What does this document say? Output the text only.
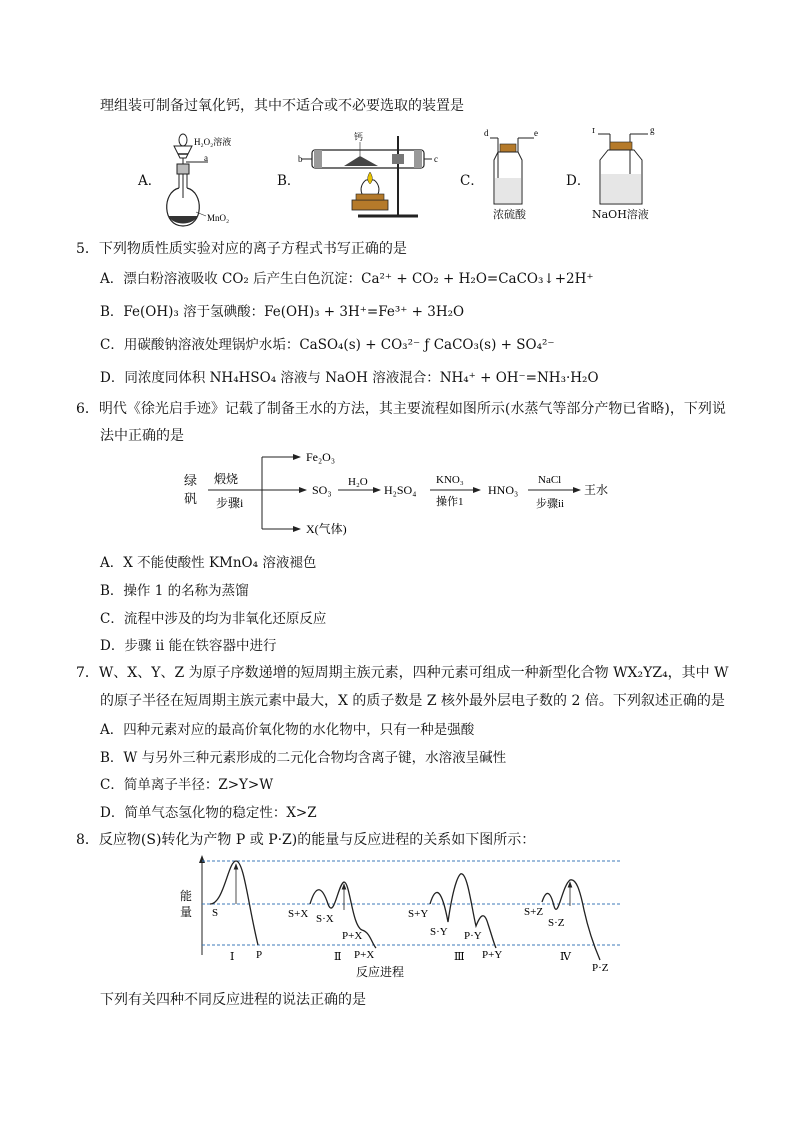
理组装可制备过氧化钙，其中不适合或不必要选取的装置是
A．	B．	C．	D．
H₂O₂溶液
a
MnO₂
钙
b	c
d	e
浓硫酸
f	g
NaOH溶液
5．下列物质性质实验对应的离子方程式书写正确的是
A．漂白粉溶液吸收 CO₂ 后产生白色沉淀：Ca²⁺ + CO₂ + H₂O=CaCO₃↓+2H⁺
B．Fe(OH)₃ 溶于氢碘酸：Fe(OH)₃ + 3H⁺=Fe³⁺ + 3H₂O
C．用碳酸钠溶液处理锅炉水垢：CaSO₄(s) + CO₃²⁻ ƒ CaCO₃(s) + SO₄²⁻
D．同浓度同体积 NH₄HSO₄ 溶液与 NaOH 溶液混合：NH₄⁺ + OH⁻=NH₃·H₂O
6．明代《徐光启手迹》记载了制备王水的方法，其主要流程如图所示(水蒸气等部分产物已省略)，下列说
法中正确的是
绿
矾
煅烧
步骤i
Fe₂O₃
SO₃
X(气体)
H₂O
H₂SO₄
KNO₃
操作1
HNO₃
NaCl
步骤ii
王水
A．X 不能使酸性 KMnO₄ 溶液褪色
B．操作 1 的名称为蒸馏
C．流程中涉及的均为非氧化还原反应
D．步骤 ii 能在铁容器中进行
7．W、X、Y、Z 为原子序数递增的短周期主族元素，四种元素可组成一种新型化合物 WX₂YZ₄，其中 W
的原子半径在短周期主族元素中最大，X 的质子数是 Z 核外最外层电子数的 2 倍。下列叙述正确的是
A．四种元素对应的最高价氧化物的水化物中，只有一种是强酸
B．W 与另外三种元素形成的二元化合物均含离子键，水溶液呈碱性
C．简单离子半径：Z>Y>W
D．简单气态氢化物的稳定性：X>Z
8．反应物(S)转化为产物 P 或 P·Z)的能量与反应进程的关系如下图所示：
能
量 S
P
Ⅰ
S+X S·X
P+X
P+X
Ⅱ
S+Y
S·Y P·Y
P+Y
Ⅲ
S+Z
S·Z
P·Z
Ⅳ
反应进程
下列有关四种不同反应进程的说法正确的是
